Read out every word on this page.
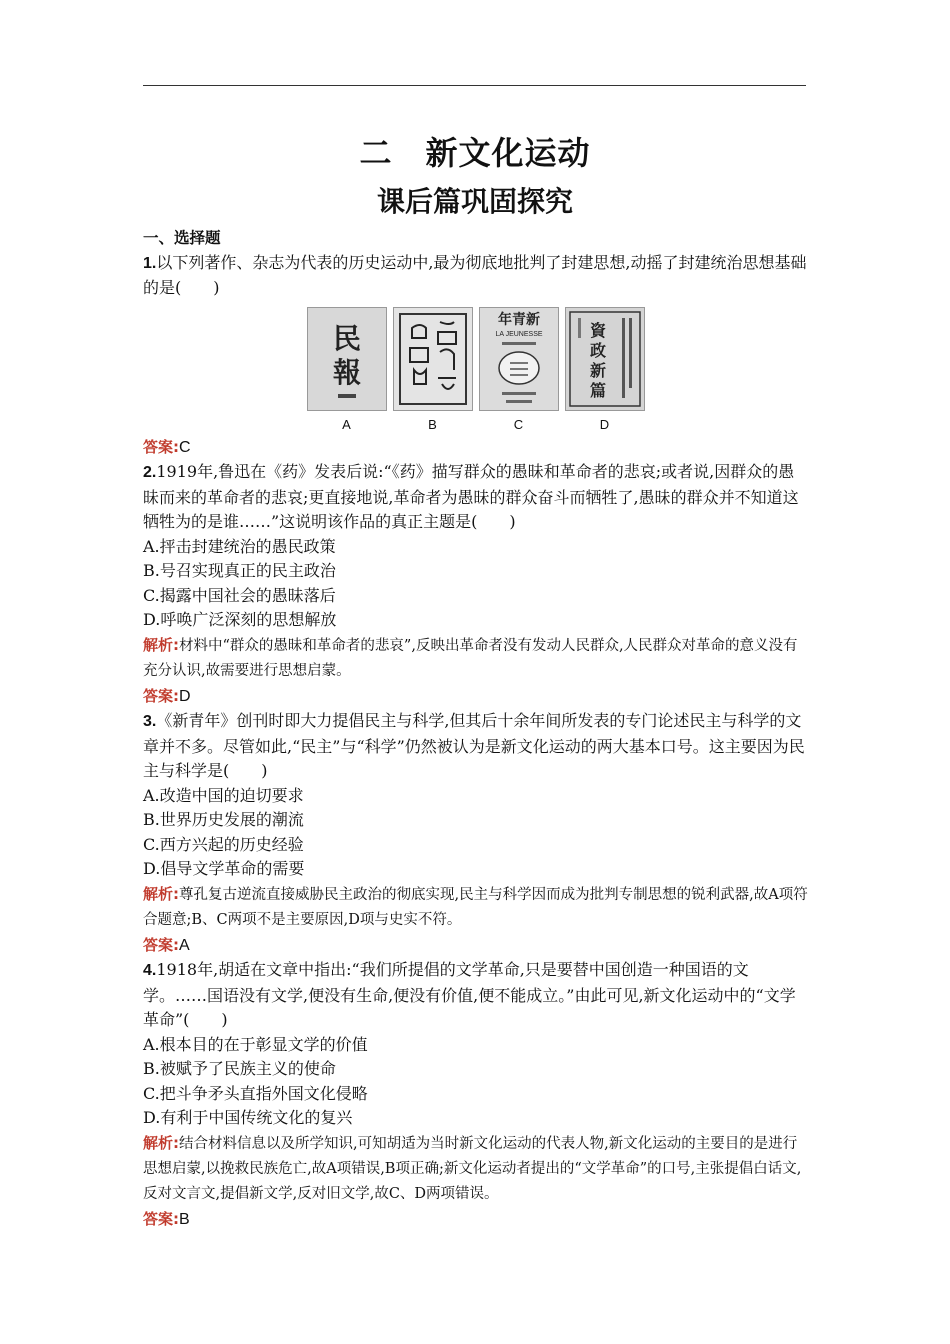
二　新文化运动
课后篇巩固探究

一、选择题

1.以下列著作、杂志为代表的历史运动中,最为彻底地批判了封建思想,动摇了封建统治思想基础的是(　　)

民
報
A	B
年青新
LA JEUNESSE
C
資
政
新
篇
D

答案:C

2.1919年,鲁迅在《药》发表后说:“《药》描写群众的愚昧和革命者的悲哀;或者说,因群众的愚昧而来的革命者的悲哀;更直接地说,革命者为愚昧的群众奋斗而牺牲了,愚昧的群众并不知道这牺牲为的是谁……”这说明该作品的真正主题是(　　)

A.抨击封建统治的愚民政策

B.号召实现真正的民主政治

C.揭露中国社会的愚昧落后

D.呼唤广泛深刻的思想解放

解析:材料中“群众的愚昧和革命者的悲哀”,反映出革命者没有发动人民群众,人民群众对革命的意义没有充分认识,故需要进行思想启蒙。

答案:D

3.《新青年》创刊时即大力提倡民主与科学,但其后十余年间所发表的专门论述民主与科学的文章并不多。尽管如此,“民主”与“科学”仍然被认为是新文化运动的两大基本口号。这主要因为民主与科学是(　　)

A.改造中国的迫切要求

B.世界历史发展的潮流

C.西方兴起的历史经验

D.倡导文学革命的需要

解析:尊孔复古逆流直接威胁民主政治的彻底实现,民主与科学因而成为批判专制思想的锐利武器,故A项符合题意;B、C两项不是主要原因,D项与史实不符。

答案:A

4.1918年,胡适在文章中指出:“我们所提倡的文学革命,只是要替中国创造一种国语的文学。……国语没有文学,便没有生命,便没有价值,便不能成立。”由此可见,新文化运动中的“文学革命”(　　)

A.根本目的在于彰显文学的价值

B.被赋予了民族主义的使命

C.把斗争矛头直指外国文化侵略

D.有利于中国传统文化的复兴

解析:结合材料信息以及所学知识,可知胡适为当时新文化运动的代表人物,新文化运动的主要目的是进行思想启蒙,以挽救民族危亡,故A项错误,B项正确;新文化运动者提出的“文学革命”的口号,主张提倡白话文,反对文言文,提倡新文学,反对旧文学,故C、D两项错误。

答案:B
